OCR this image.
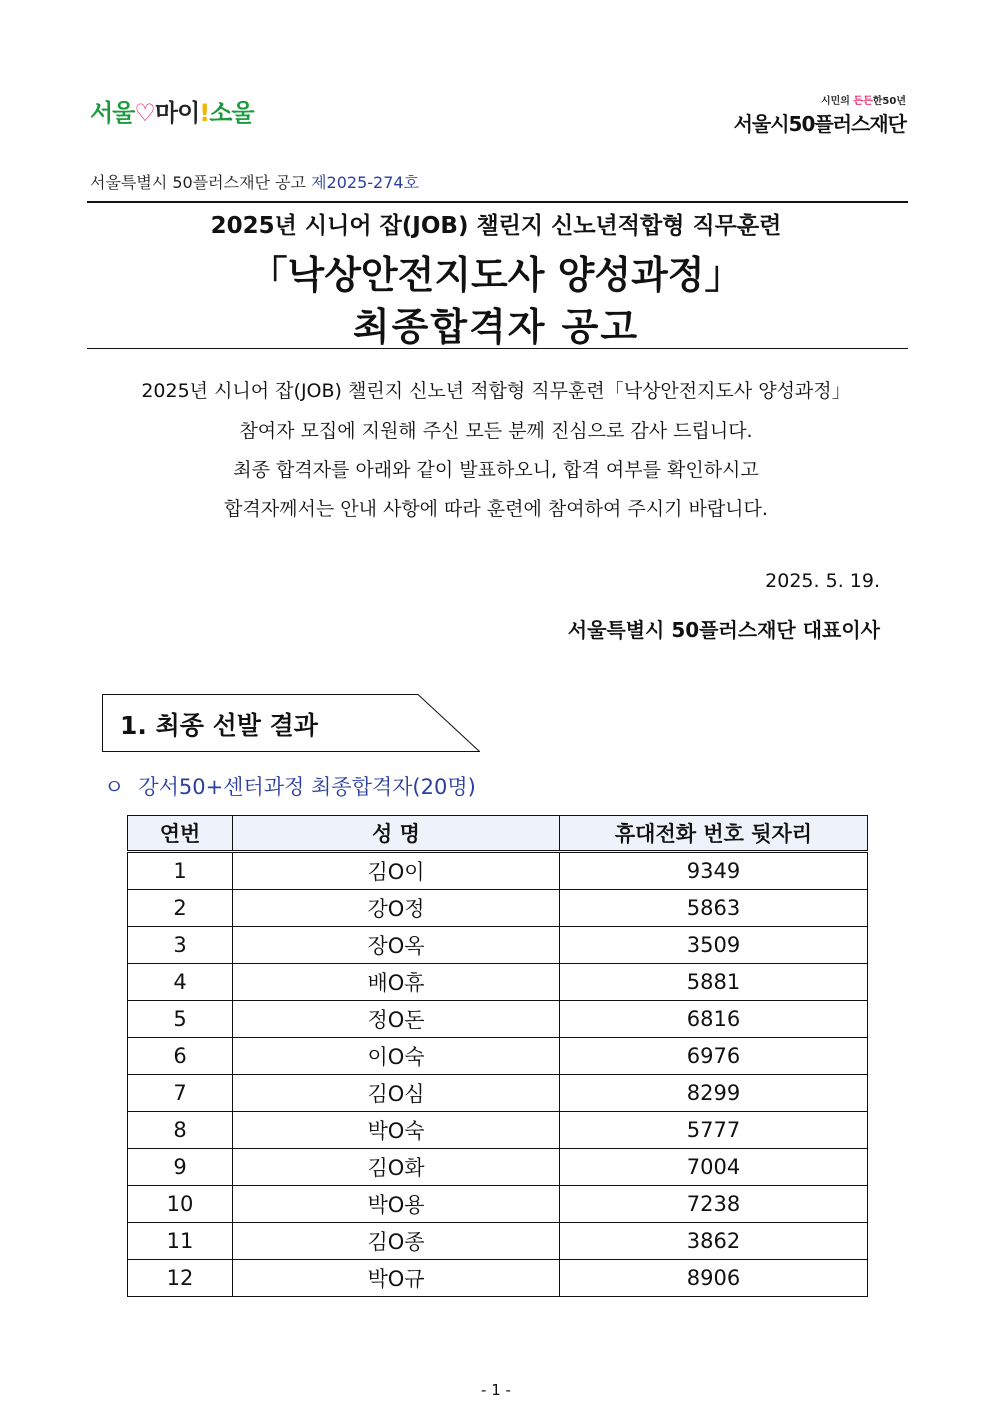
서울♡마이!소울	시민의 든든한50년
서울시50플러스재단
서울특별시 50플러스재단 공고 제2025-274호
2025년 시니어 잡(JOB) 챌린지 신노년적합형 직무훈련
「낙상안전지도사 양성과정」
최종합격자 공고
2025년 시니어 잡(JOB) 챌린지 신노년 적합형 직무훈련「낙상안전지도사 양성과정」
참여자 모집에 지원해 주신 모든 분께 진심으로 감사 드립니다.
최종 합격자를 아래와 같이 발표하오니, 합격 여부를 확인하시고
합격자께서는 안내 사항에 따라 훈련에 참여하여 주시기 바랍니다.
2025. 5. 19.
서울특별시 50플러스재단 대표이사
1. 최종 선발 결과
ㅇ 강서50+센터과정 최종합격자(20명)
연번	성 명	휴대전화 번호 뒷자리
1	김O이	9349
2	강O정	5863
3	장O옥	3509
4	배O휴	5881
5	정O돈	6816
6	이O숙	6976
7	김O심	8299
8	박O숙	5777
9	김O화	7004
10	박O용	7238
11	김O종	3862
12	박O규	8906
- 1 -
